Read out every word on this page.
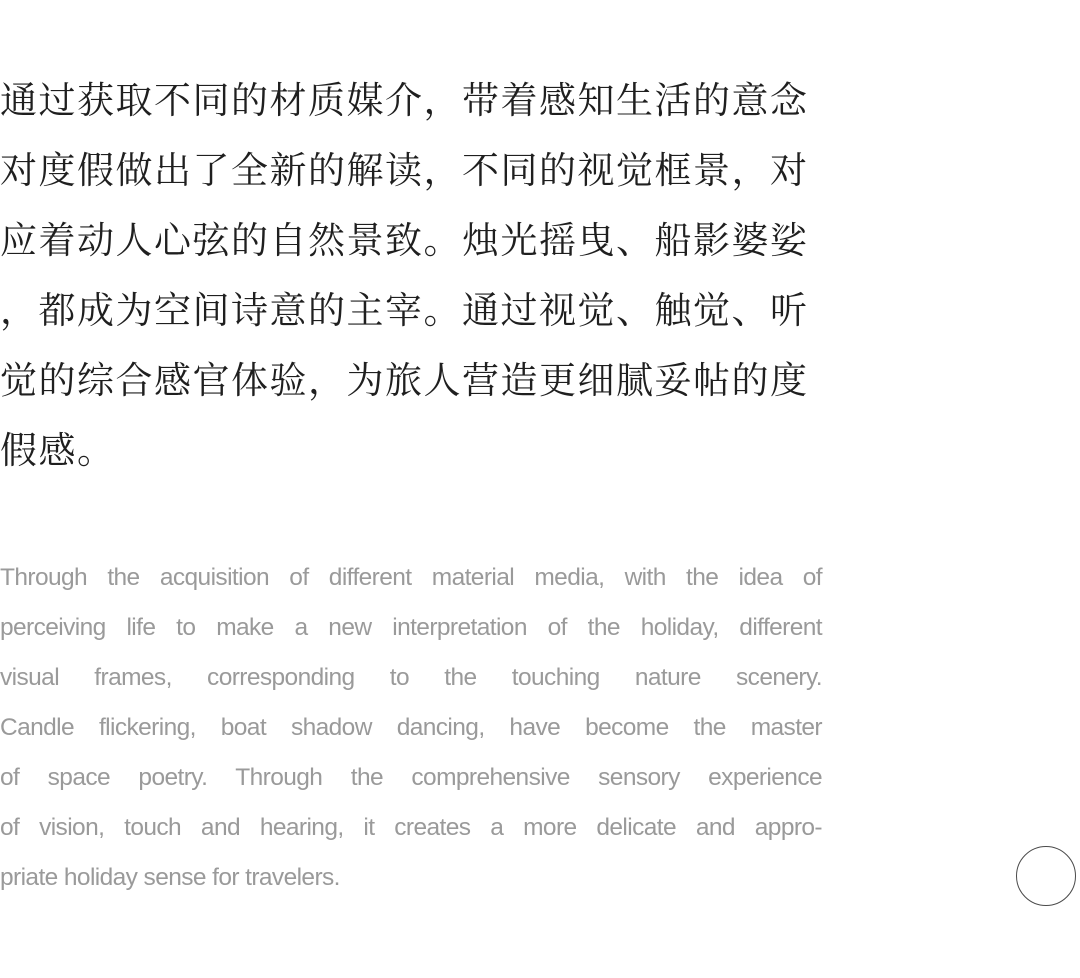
通过获取不同的材质媒介，带着感知生活的意念
对度假做出了全新的解读，不同的视觉框景，对
应着动人心弦的自然景致。烛光摇曳、船影婆娑
，都成为空间诗意的主宰。通过视觉、触觉、听
觉的综合感官体验，为旅人营造更细腻妥帖的度
假感。
Through the acquisition of different material media, with the idea of
perceiving life to make a new interpretation of the holiday, different
visual frames, corresponding to the touching nature scenery.
Candle flickering, boat shadow dancing, have become the master
of space poetry. Through the comprehensive sensory experience
of vision, touch and hearing, it creates a more delicate and appro-
priate holiday sense for travelers.
